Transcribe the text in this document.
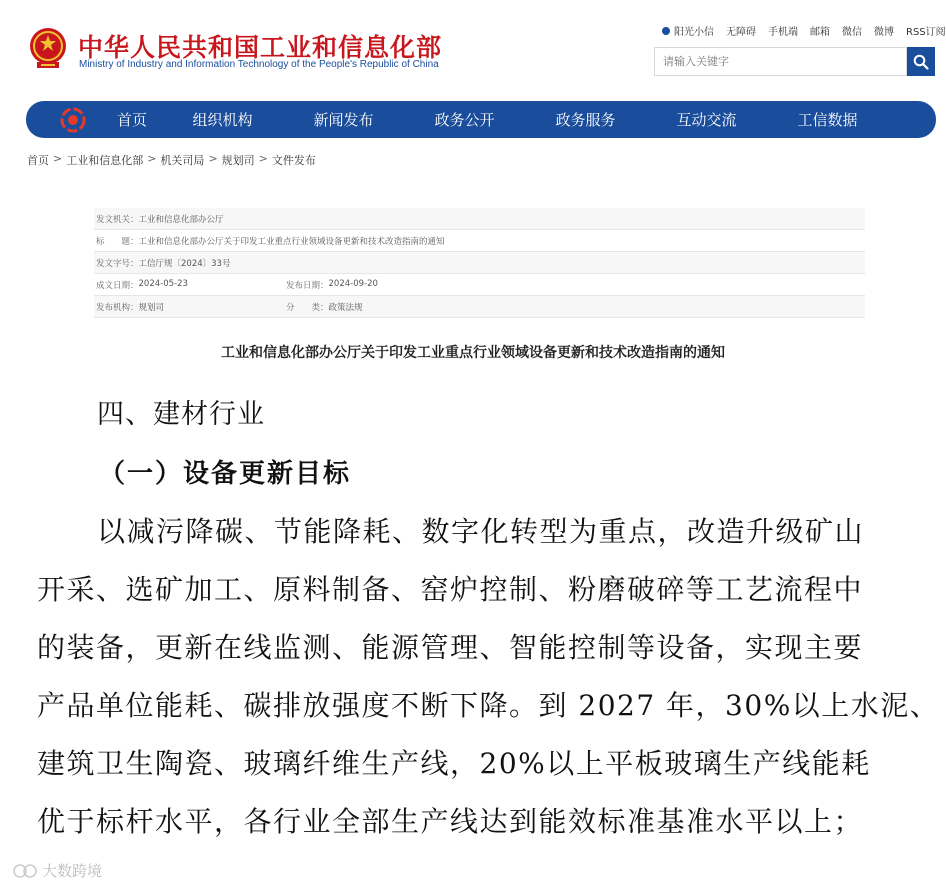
中华人民共和国工业和信息化部
Ministry of Industry and Information Technology of the People's Republic of China
阳光小信	无障碍	手机端	邮箱	微信	微博	RSS订阅
请输入关键字
首页	组织机构	新闻发布	政务公开	政务服务	互动交流	工信数据
首页 > 工业和信息化部 > 机关司局 > 规划司 > 文件发布
发文机关： 工业和信息化部办公厅
标　　题： 工业和信息化部办公厅关于印发工业重点行业领域设备更新和技术改造指南的通知
发文字号： 工信厅规〔2024〕33号
成文日期： 2024-05-23	发布日期： 2024-09-20
发布机构： 规划司	分　　类： 政策法规
工业和信息化部办公厅关于印发工业重点行业领域设备更新和技术改造指南的通知
四、建材行业
（一）设备更新目标
以减污降碳、节能降耗、数字化转型为重点，改造升级矿山
开采、选矿加工、原料制备、窑炉控制、粉磨破碎等工艺流程中
的装备，更新在线监测、能源管理、智能控制等设备，实现主要
产品单位能耗、碳排放强度不断下降。到 2027 年，30%以上水泥、
建筑卫生陶瓷、玻璃纤维生产线，20%以上平板玻璃生产线能耗
优于标杆水平，各行业全部生产线达到能效标准基准水平以上；
大数跨境
